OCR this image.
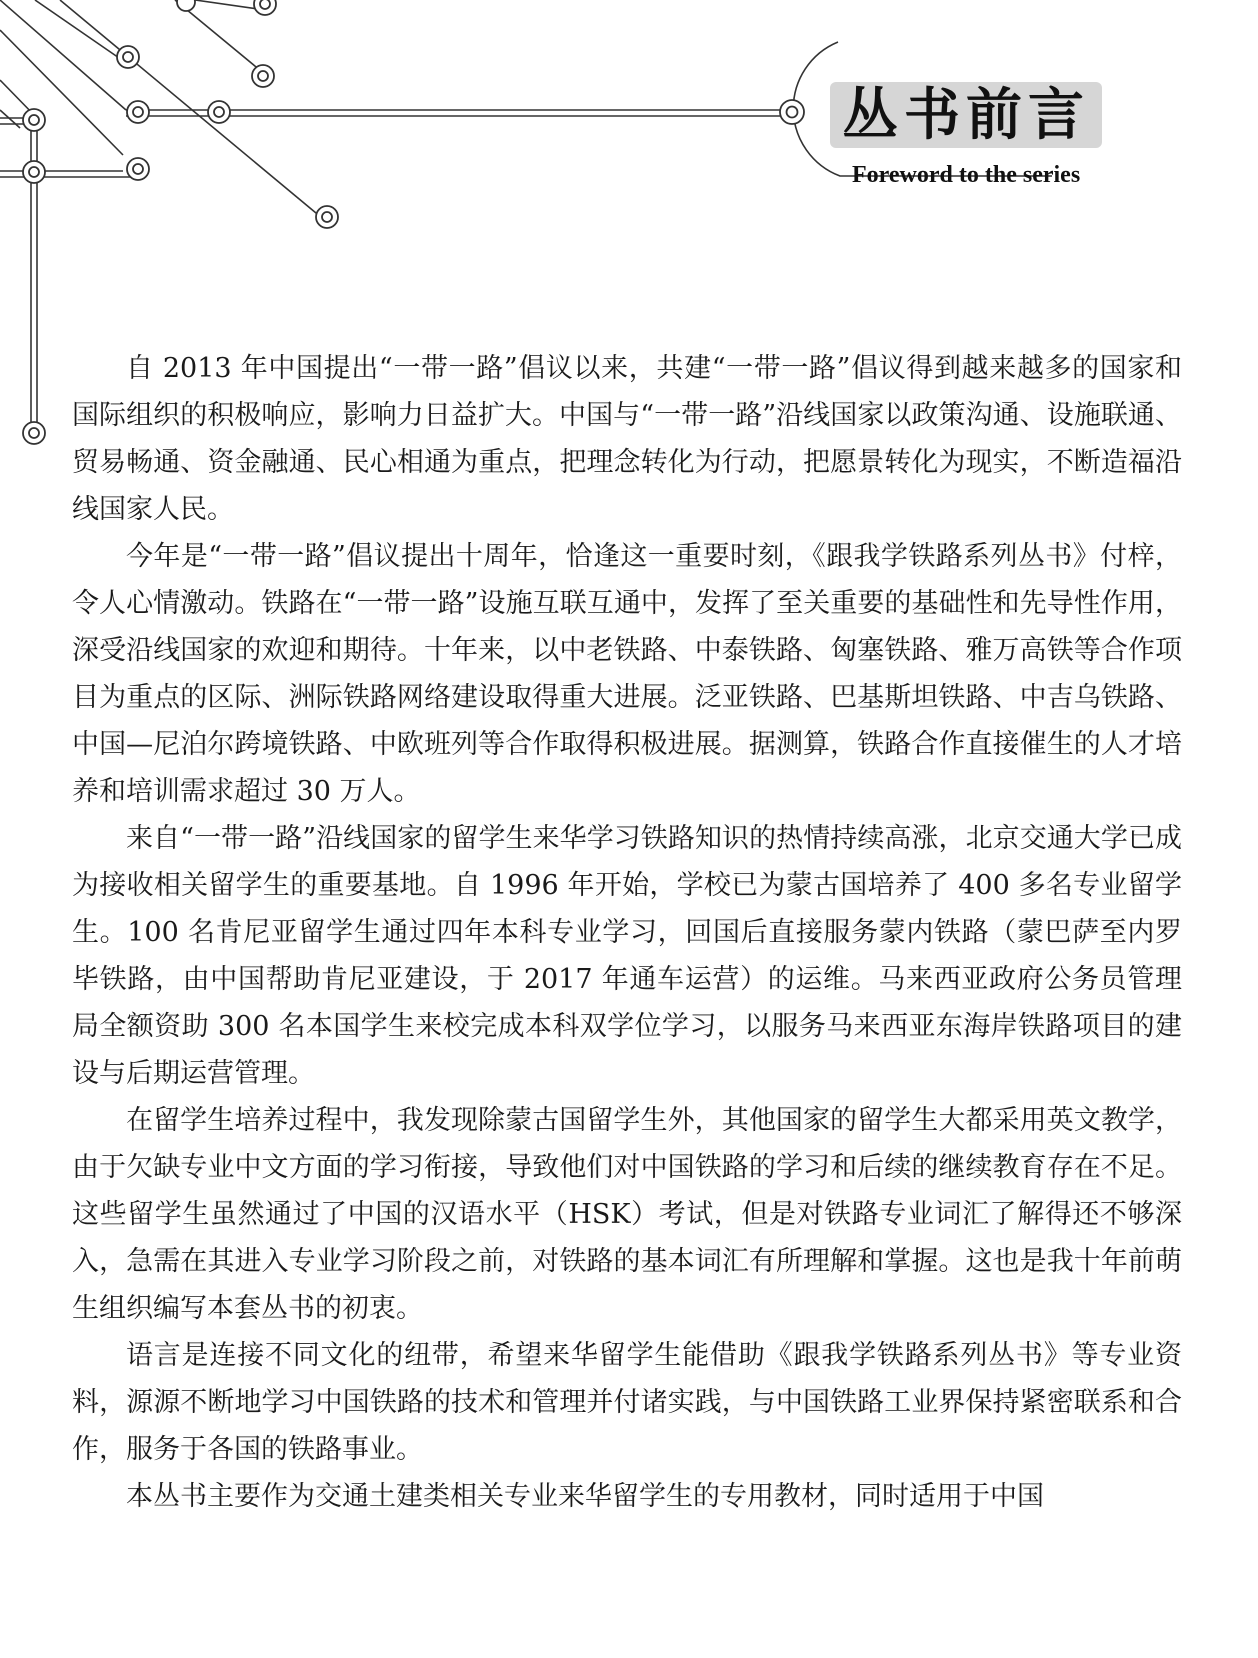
丛书前言
Foreword to the series

自 2013 年中国提出“一带一路”倡议以来，共建“一带一路”倡议得到越来越多的国家和国际组织的积极响应，影响力日益扩大。中国与“一带一路”沿线国家以政策沟通、设施联通、贸易畅通、资金融通、民心相通为重点，把理念转化为行动，把愿景转化为现实，不断造福沿线国家人民。

今年是“一带一路”倡议提出十周年，恰逢这一重要时刻，《跟我学铁路系列丛书》付梓，令人心情激动。铁路在“一带一路”设施互联互通中，发挥了至关重要的基础性和先导性作用，深受沿线国家的欢迎和期待。十年来，以中老铁路、中泰铁路、匈塞铁路、雅万高铁等合作项目为重点的区际、洲际铁路网络建设取得重大进展。泛亚铁路、巴基斯坦铁路、中吉乌铁路、中国—尼泊尔跨境铁路、中欧班列等合作取得积极进展。据测算，铁路合作直接催生的人才培养和培训需求超过 30 万人。

来自“一带一路”沿线国家的留学生来华学习铁路知识的热情持续高涨，北京交通大学已成为接收相关留学生的重要基地。自 1996 年开始，学校已为蒙古国培养了 400 多名专业留学生。100 名肯尼亚留学生通过四年本科专业学习，回国后直接服务蒙内铁路（蒙巴萨至内罗毕铁路，由中国帮助肯尼亚建设，于 2017 年通车运营）的运维。马来西亚政府公务员管理局全额资助 300 名本国学生来校完成本科双学位学习，以服务马来西亚东海岸铁路项目的建设与后期运营管理。

在留学生培养过程中，我发现除蒙古国留学生外，其他国家的留学生大都采用英文教学，由于欠缺专业中文方面的学习衔接，导致他们对中国铁路的学习和后续的继续教育存在不足。这些留学生虽然通过了中国的汉语水平（HSK）考试，但是对铁路专业词汇了解得还不够深入，急需在其进入专业学习阶段之前，对铁路的基本词汇有所理解和掌握。这也是我十年前萌生组织编写本套丛书的初衷。

语言是连接不同文化的纽带，希望来华留学生能借助《跟我学铁路系列丛书》等专业资料，源源不断地学习中国铁路的技术和管理并付诸实践，与中国铁路工业界保持紧密联系和合作，服务于各国的铁路事业。

本丛书主要作为交通土建类相关专业来华留学生的专用教材，同时适用于中国
